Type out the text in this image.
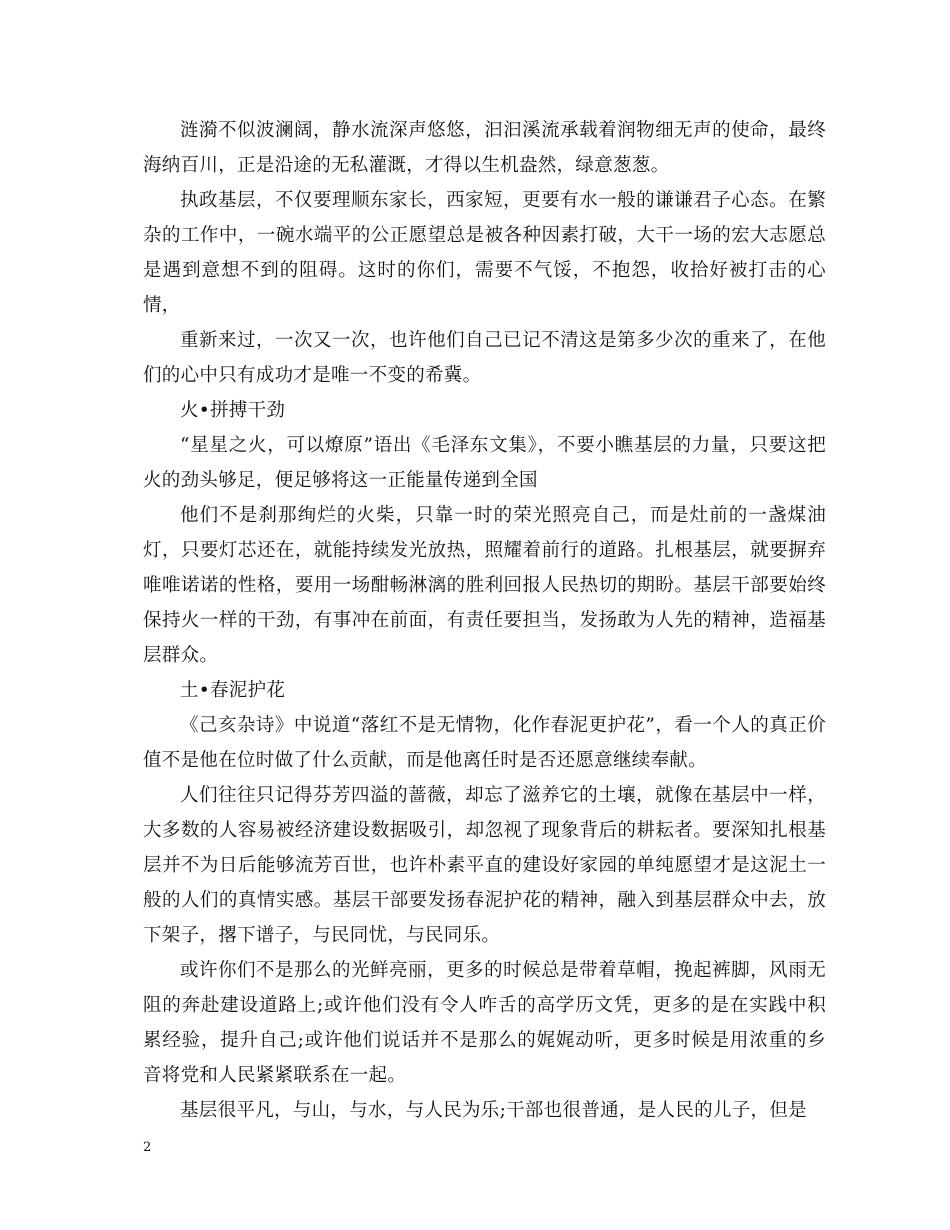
涟漪不似波澜阔，静水流深声悠悠，汩汩溪流承载着润物细无声的使命，最终海纳百川，正是沿途的无私灌溉，才得以生机盎然，绿意葱葱。

执政基层，不仅要理顺东家长，西家短，更要有水一般的谦谦君子心态。在繁杂的工作中，一碗水端平的公正愿望总是被各种因素打破，大干一场的宏大志愿总是遇到意想不到的阻碍。这时的你们，需要不气馁，不抱怨，收拾好被打击的心情，

重新来过，一次又一次，也许他们自己已记不清这是第多少次的重来了，在他们的心中只有成功才是唯一不变的希冀。

火•拼搏干劲

“星星之火，可以燎原”语出《毛泽东文集》，不要小瞧基层的力量，只要这把火的劲头够足，便足够将这一正能量传递到全国

他们不是刹那绚烂的火柴，只靠一时的荣光照亮自己，而是灶前的一盏煤油灯，只要灯芯还在，就能持续发光放热，照耀着前行的道路。扎根基层，就要摒弃唯唯诺诺的性格，要用一场酣畅淋漓的胜利回报人民热切的期盼。基层干部要始终保持火一样的干劲，有事冲在前面，有责任要担当，发扬敢为人先的精神，造福基层群众。

土•春泥护花

《己亥杂诗》中说道“落红不是无情物，化作春泥更护花”，看一个人的真正价值不是他在位时做了什么贡献，而是他离任时是否还愿意继续奉献。

人们往往只记得芬芳四溢的蔷薇，却忘了滋养它的土壤，就像在基层中一样，大多数的人容易被经济建设数据吸引，却忽视了现象背后的耕耘者。要深知扎根基层并不为日后能够流芳百世，也许朴素平直的建设好家园的单纯愿望才是这泥土一般的人们的真情实感。基层干部要发扬春泥护花的精神，融入到基层群众中去，放下架子，撂下谱子，与民同忧，与民同乐。

或许你们不是那么的光鲜亮丽，更多的时候总是带着草帽，挽起裤脚，风雨无阻的奔赴建设道路上;或许他们没有令人咋舌的高学历文凭，更多的是在实践中积累经验，提升自己;或许他们说话并不是那么的娓娓动听，更多时候是用浓重的乡音将党和人民紧紧联系在一起。

基层很平凡，与山，与水，与人民为乐;干部也很普通，是人民的儿子，但是

2
